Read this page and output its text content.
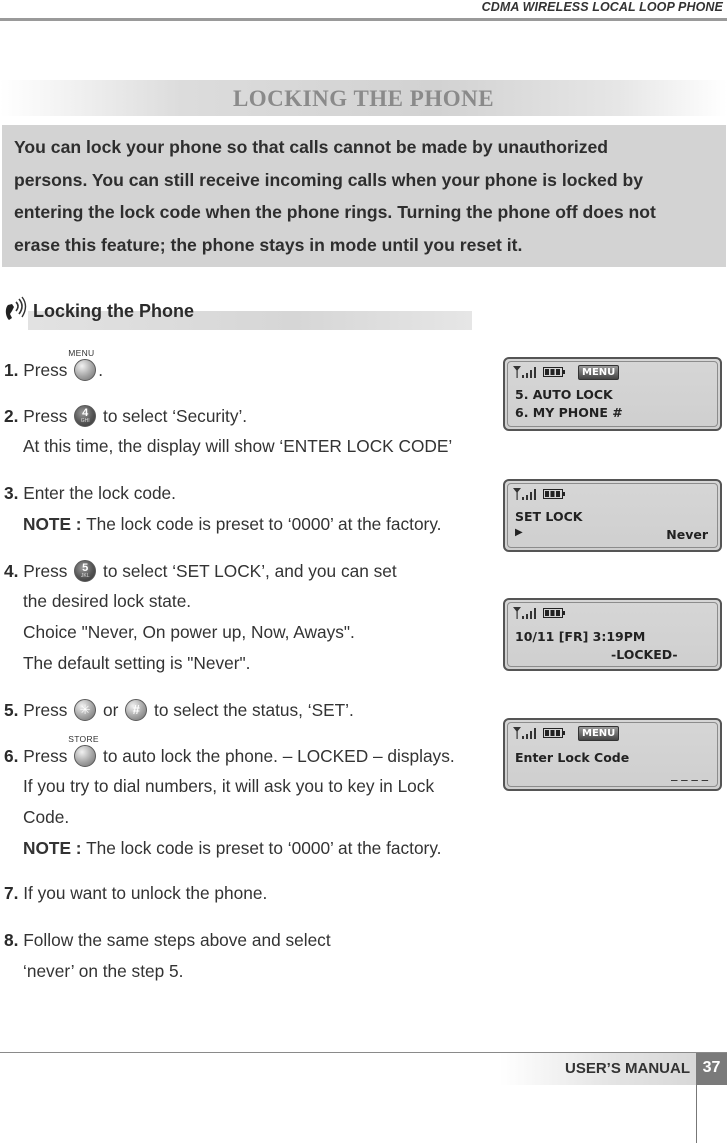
CDMA WIRELESS LOCAL LOOP PHONE
LOCKING THE PHONE
You can lock your phone so that calls cannot be made by unauthorized
persons. You can still receive incoming calls when your phone is locked by
entering the lock code when the phone rings. Turning the phone off does not
erase this feature; the phone stays in mode until you reset it.
Locking the Phone
1. Press
MENU
.
2. Press	4
GHI to select ‘Security’.
At this time, the display will show ‘ENTER LOCK CODE’
3. Enter the lock code.
NOTE : The lock code is preset to ‘0000’ at the factory.
4. Press	5
JKL to select ‘SET LOCK’, and you can set
the desired lock state.
Choice "Never, On power up, Now, Aways".
The default setting is "Never".
5. Press ✳ or	# to select the status, ‘SET’.
6. Press
STORE
to auto lock the phone. – LOCKED – displays.
If you try to dial numbers, it will ask you to key in Lock
Code.
NOTE : The lock code is preset to ‘0000’ at the factory.
7. If you want to unlock the phone.
8. Follow the same steps above and select
‘never’ on the step 5.
MENU
5. AUTO LOCK
6. MY PHONE #
SET LOCK
▶	Never
10/11 [FR] 3:19PM
-LOCKED-
MENU
Enter Lock Code
_ _ _ _
USER’S MANUAL 37
